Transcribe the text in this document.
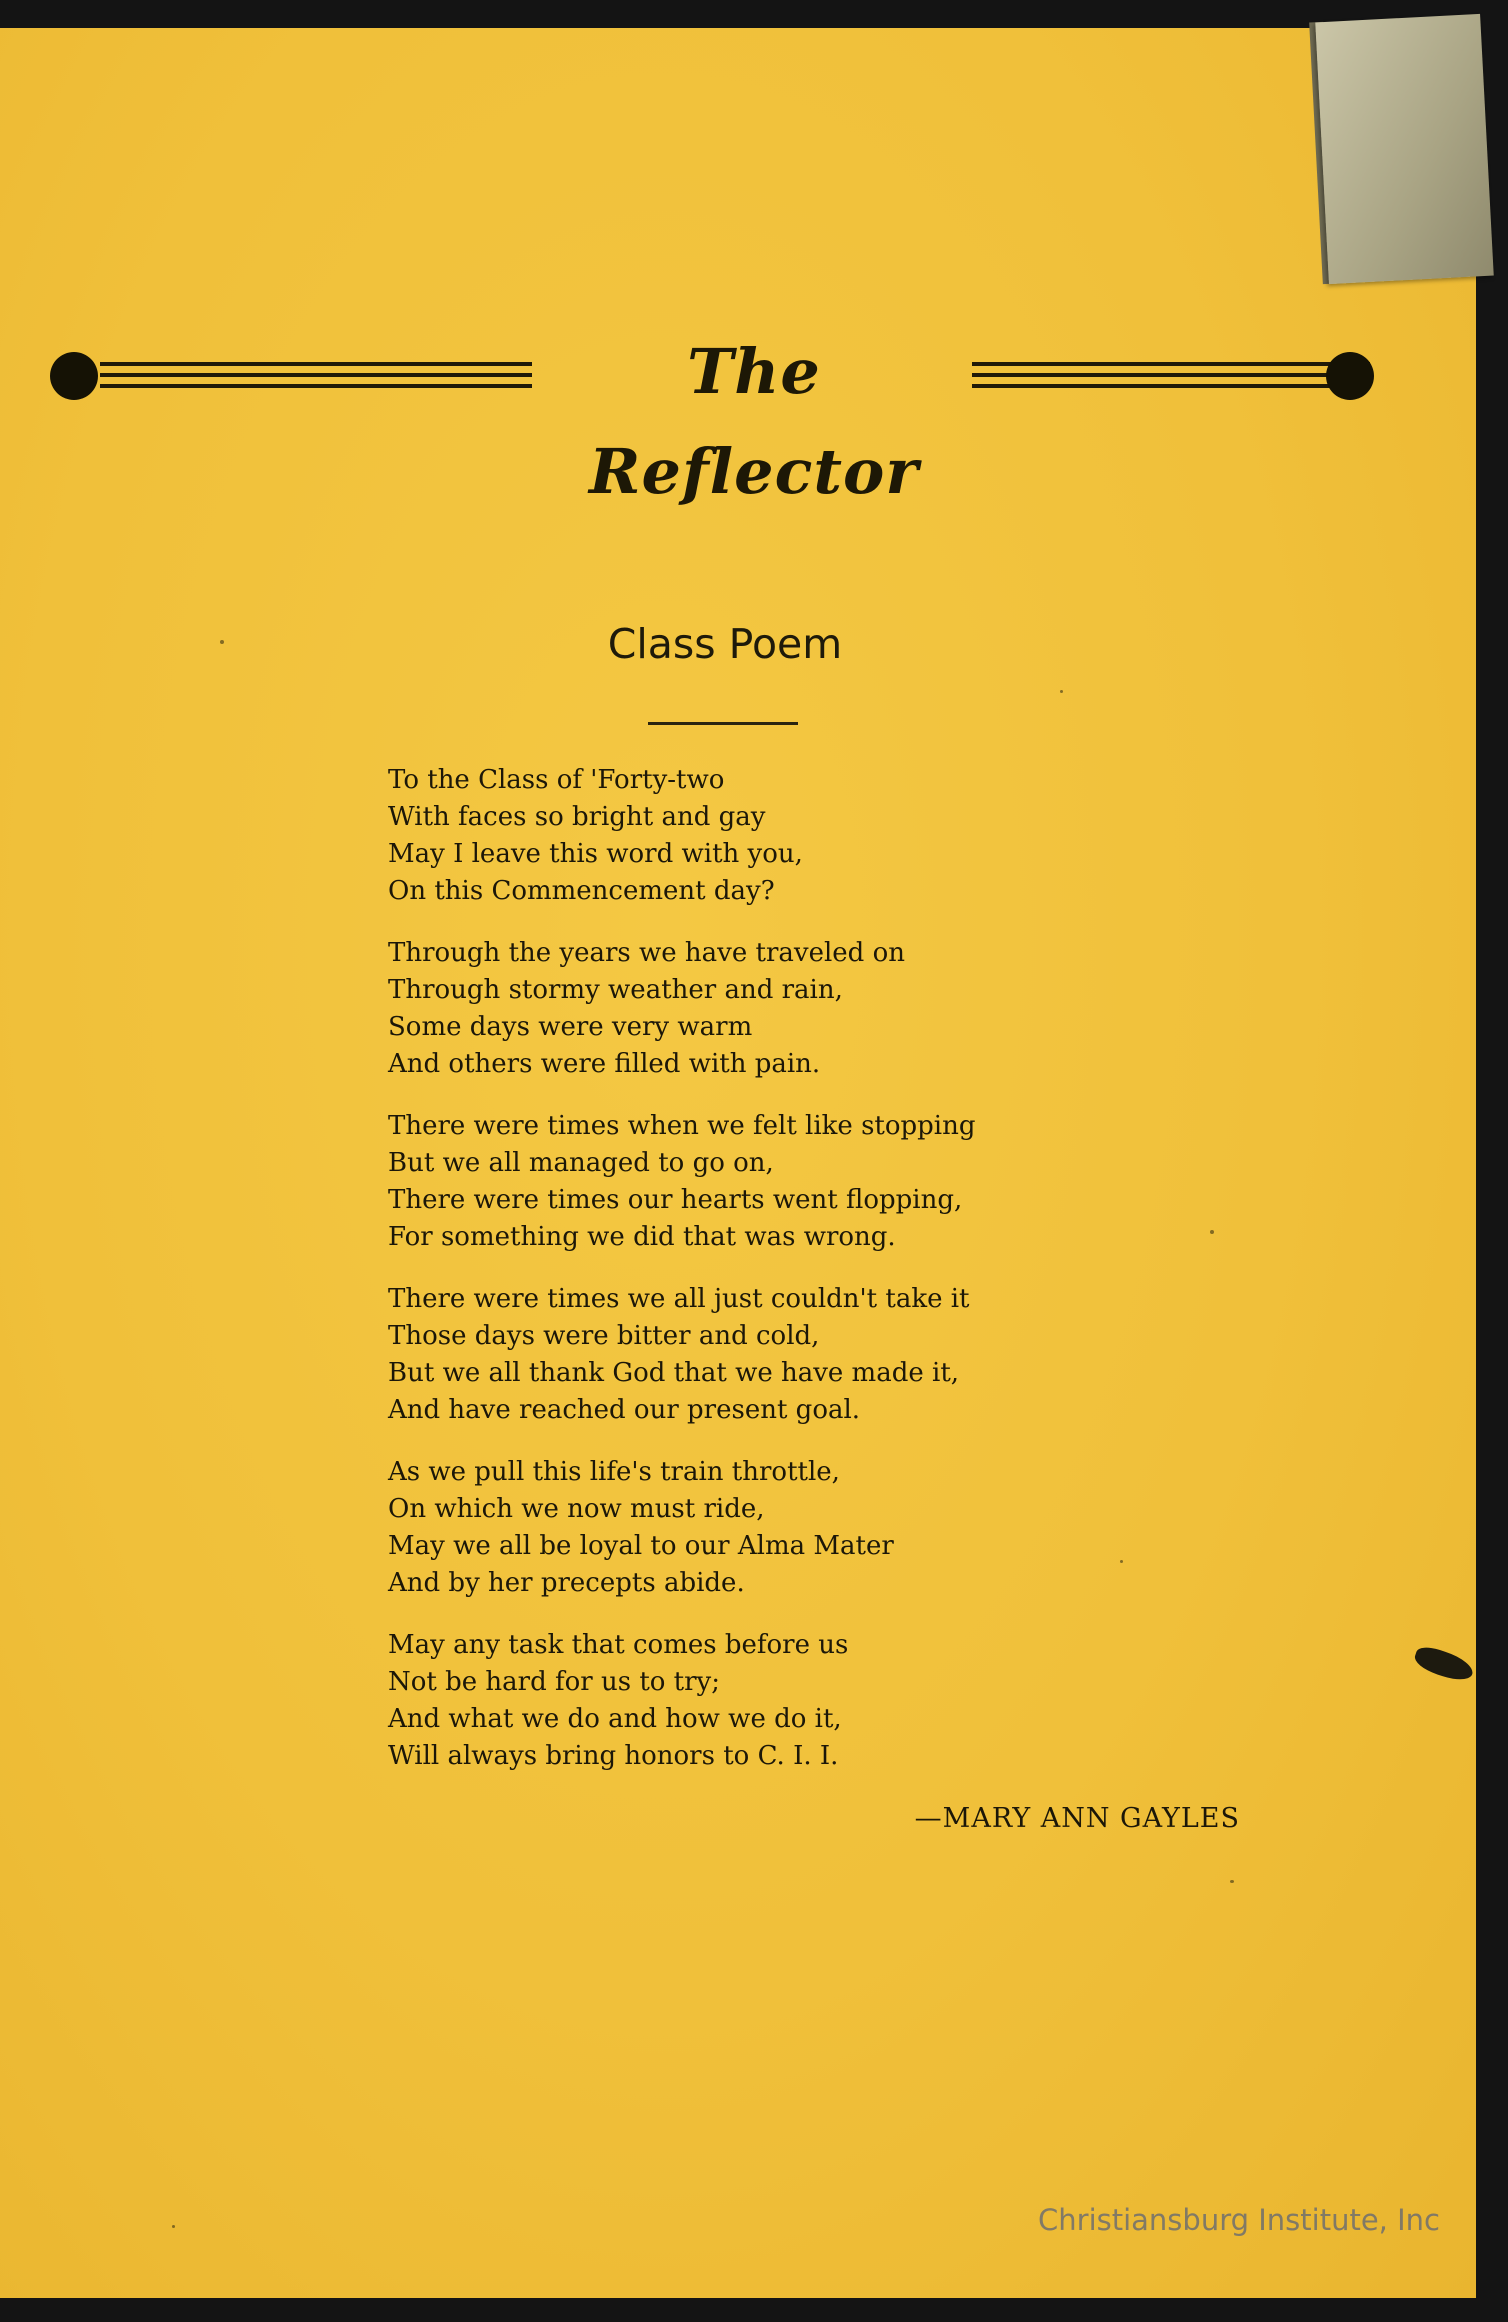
The Reflector
Class Poem
To the Class of 'Forty-two
With faces so bright and gay
May I leave this word with you,
On this Commencement day?
Through the years we have traveled on
Through stormy weather and rain,
Some days were very warm
And others were filled with pain.
There were times when we felt like stopping
But we all managed to go on,
There were times our hearts went flopping,
For something we did that was wrong.
There were times we all just couldn't take it
Those days were bitter and cold,
But we all thank God that we have made it,
And have reached our present goal.
As we pull this life's train throttle,
On which we now must ride,
May we all be loyal to our Alma Mater
And by her precepts abide.
May any task that comes before us
Not be hard for us to try;
And what we do and how we do it,
Will always bring honors to C. I. I.
—MARY ANN GAYLES
Christiansburg Institute, Inc
